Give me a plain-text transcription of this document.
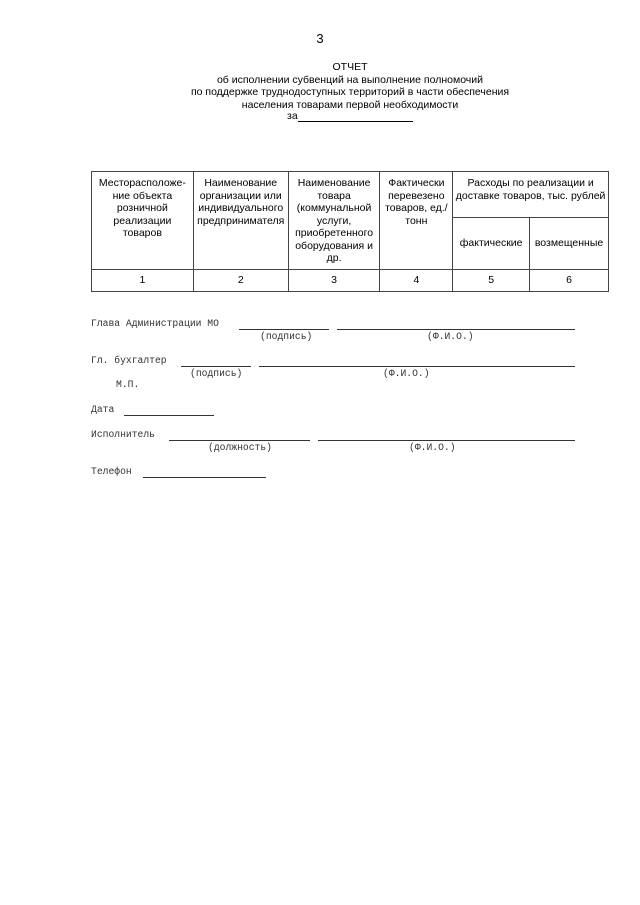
3
ОТЧЕТ
об исполнении субвенций на выполнение полномочий
по поддержке труднодоступных территорий в части обеспечения
населения товарами первой необходимости
за
Месторасположе-ние объекта розничной реализации товаров	Наименование организации или индивидуального предпринимателя	Наименование товара (коммунальной услуги, приобретенного оборудования и др.	Фактически перевезено товаров, ед./тонн	Расходы по реализации и доставке товаров, тыс. рублей	
				фактические	возмещенные
1	2	3	4	5	6
Глава Администрации МО
(подпись)	(Ф.И.О.)
Гл. бухгалтер
(подпись)	(Ф.И.О.)
М.П.
Дата
Исполнитель
(должность)	(Ф.И.О.)
Телефон
